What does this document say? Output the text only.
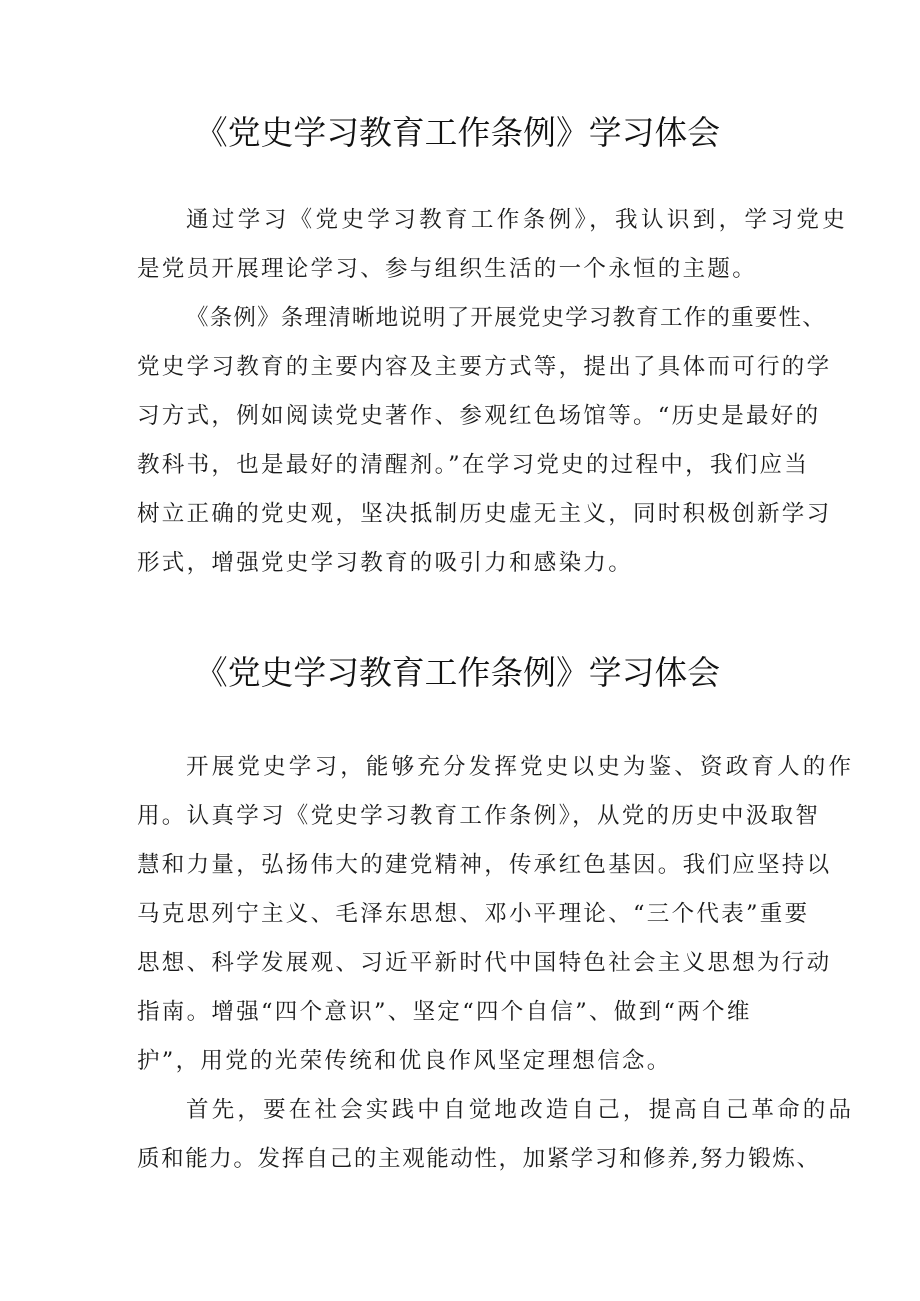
《党史学习教育工作条例》学习体会

通过学习《党史学习教育工作条例》，我认识到，学习党史

是党员开展理论学习、参与组织生活的一个永恒的主题。

《条例》条理清晰地说明了开展党史学习教育工作的重要性、

党史学习教育的主要内容及主要方式等，提出了具体而可行的学

习方式，例如阅读党史著作、参观红色场馆等。“历史是最好的

教科书，也是最好的清醒剂。”在学习党史的过程中，我们应当

树立正确的党史观，坚决抵制历史虚无主义，同时积极创新学习

形式，增强党史学习教育的吸引力和感染力。

《党史学习教育工作条例》学习体会

开展党史学习，能够充分发挥党史以史为鉴、资政育人的作

用。认真学习《党史学习教育工作条例》，从党的历史中汲取智

慧和力量，弘扬伟大的建党精神，传承红色基因。我们应坚持以

马克思列宁主义、毛泽东思想、邓小平理论、“三个代表”重要

思想、科学发展观、习近平新时代中国特色社会主义思想为行动

指南。增强“四个意识”、坚定“四个自信”、做到“两个维

护”，用党的光荣传统和优良作风坚定理想信念。

首先，要在社会实践中自觉地改造自己，提高自己革命的品

质和能力。发挥自己的主观能动性，加紧学习和修养,努力锻炼、
